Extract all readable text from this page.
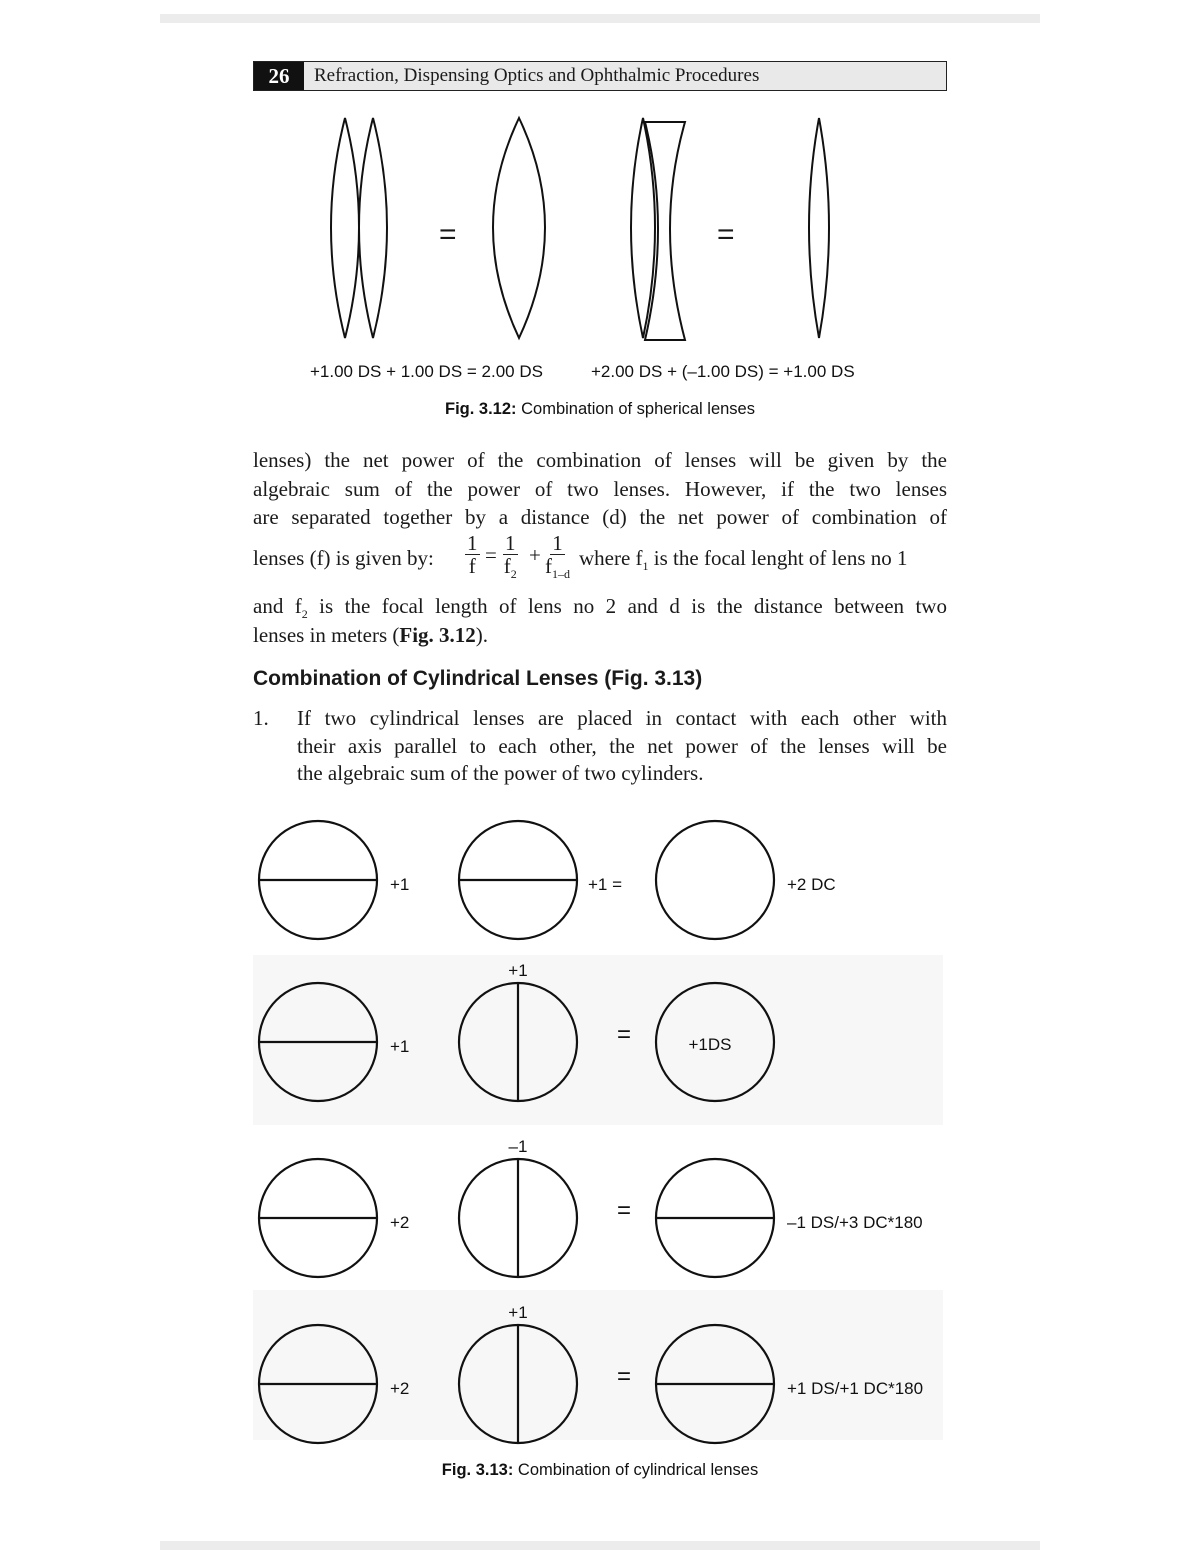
26	Refraction, Dispensing Optics and Ophthalmic Procedures
=	=
+1.00 DS + 1.00 DS = 2.00 DS	+2.00 DS + (–1.00 DS) = +1.00 DS
Fig. 3.12: Combination of spherical lenses
lenses) the net power of the combination of lenses will be given by the
algebraic sum of the power of two lenses. However, if the two lenses
are separated together by a distance (d) the net power of combination of
lenses (f) is given by: $\frac{1}{f} = \frac{1}{f_2} + \frac{1}{f_{1-d}}$ where $f_1$ is the focal lenght of lens no 1
and $f_2$ is the focal length of lens no 2 and d is the distance between two
lenses in meters (Fig. 3.12).
Combination of Cylindrical Lenses (Fig. 3.13)
1. If two cylindrical lenses are placed in contact with each other with
their axis parallel to each other, the net power of the lenses will be
the algebraic sum of the power of two cylinders.
+1	+1 =	+2 DC
+1
+1
=	+1DS
+2
–1
=	–1 DS/+3 DC*180
+2
+1
=	+1 DS/+1 DC*180
Fig. 3.13: Combination of cylindrical lenses
